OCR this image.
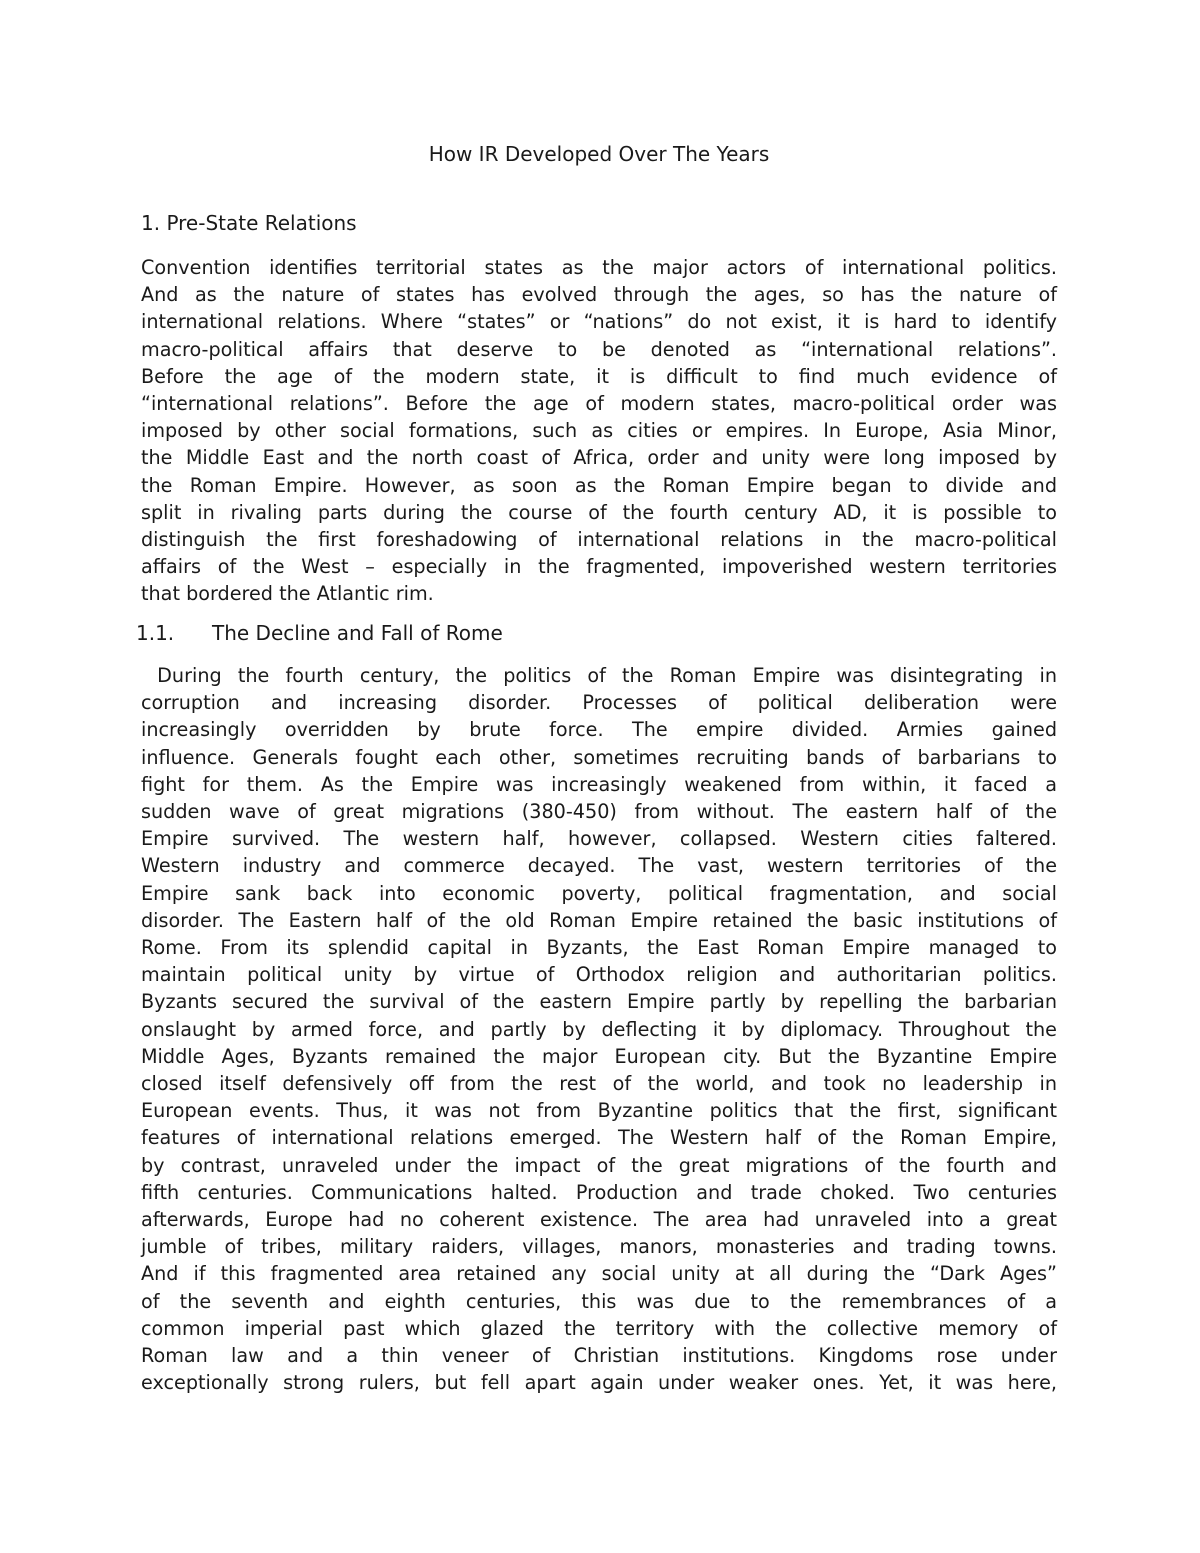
How IR Developed Over The Years
1. Pre-State Relations

Convention identifies territorial states as the major actors of international politics.
And as the nature of states has evolved through the ages, so has the nature of
international relations. Where “states” or “nations” do not exist, it is hard to identify
macro-political affairs that deserve to be denoted as “international relations”.
Before the age of the modern state, it is difficult to find much evidence of
“international relations”. Before the age of modern states, macro-political order was
imposed by other social formations, such as cities or empires. In Europe, Asia Minor,
the Middle East and the north coast of Africa, order and unity were long imposed by
the Roman Empire. However, as soon as the Roman Empire began to divide and
split in rivaling parts during the course of the fourth century AD, it is possible to
distinguish the first foreshadowing of international relations in the macro-political
affairs of the West – especially in the fragmented, impoverished western territories
that bordered the Atlantic rim.

1.1. The Decline and Fall of Rome

During the fourth century, the politics of the Roman Empire was disintegrating in
corruption and increasing disorder. Processes of political deliberation were
increasingly overridden by brute force. The empire divided. Armies gained
influence. Generals fought each other, sometimes recruiting bands of barbarians to
fight for them. As the Empire was increasingly weakened from within, it faced a
sudden wave of great migrations (380-450) from without. The eastern half of the
Empire survived. The western half, however, collapsed. Western cities faltered.
Western industry and commerce decayed. The vast, western territories of the
Empire sank back into economic poverty, political fragmentation, and social
disorder. The Eastern half of the old Roman Empire retained the basic institutions of
Rome. From its splendid capital in Byzants, the East Roman Empire managed to
maintain political unity by virtue of Orthodox religion and authoritarian politics.
Byzants secured the survival of the eastern Empire partly by repelling the barbarian
onslaught by armed force, and partly by deflecting it by diplomacy. Throughout the
Middle Ages, Byzants remained the major European city. But the Byzantine Empire
closed itself defensively off from the rest of the world, and took no leadership in
European events. Thus, it was not from Byzantine politics that the first, significant
features of international relations emerged. The Western half of the Roman Empire,
by contrast, unraveled under the impact of the great migrations of the fourth and
fifth centuries. Communications halted. Production and trade choked. Two centuries
afterwards, Europe had no coherent existence. The area had unraveled into a great
jumble of tribes, military raiders, villages, manors, monasteries and trading towns.
And if this fragmented area retained any social unity at all during the “Dark Ages”
of the seventh and eighth centuries, this was due to the remembrances of a
common imperial past which glazed the territory with the collective memory of
Roman law and a thin veneer of Christian institutions. Kingdoms rose under
exceptionally strong rulers, but fell apart again under weaker ones. Yet, it was here,
